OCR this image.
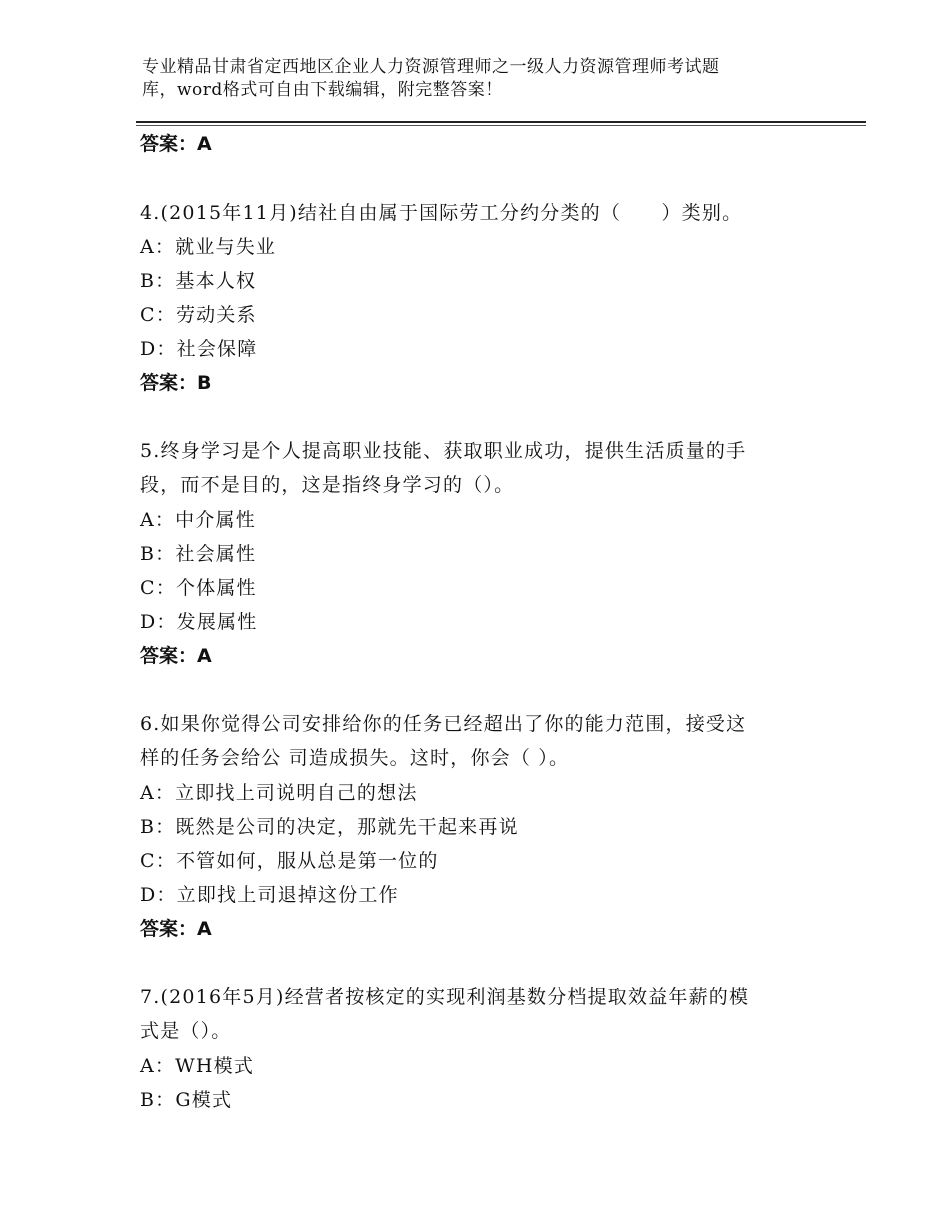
专业精品甘肃省定西地区企业人力资源管理师之一级人力资源管理师考试题
库，word格式可自由下载编辑，附完整答案！
答案：A
4.(2015年11月)结社自由属于国际劳工分约分类的（　　）类别。
A：就业与失业
B：基本人权
C：劳动关系
D：社会保障
答案：B
5.终身学习是个人提高职业技能、获取职业成功，提供生活质量的手
段，而不是目的，这是指终身学习的（）。
A：中介属性
B：社会属性
C：个体属性
D：发展属性
答案：A
6.如果你觉得公司安排给你的任务已经超出了你的能力范围，接受这
样的任务会给公 司造成损失。这时，你会（ ）。
A：立即找上司说明自己的想法
B：既然是公司的决定，那就先干起来再说
C：不管如何，服从总是第一位的
D：立即找上司退掉这份工作
答案：A
7.(2016年5月)经营者按核定的实现利润基数分档提取效益年薪的模
式是（）。
A：WH模式
B：G模式
